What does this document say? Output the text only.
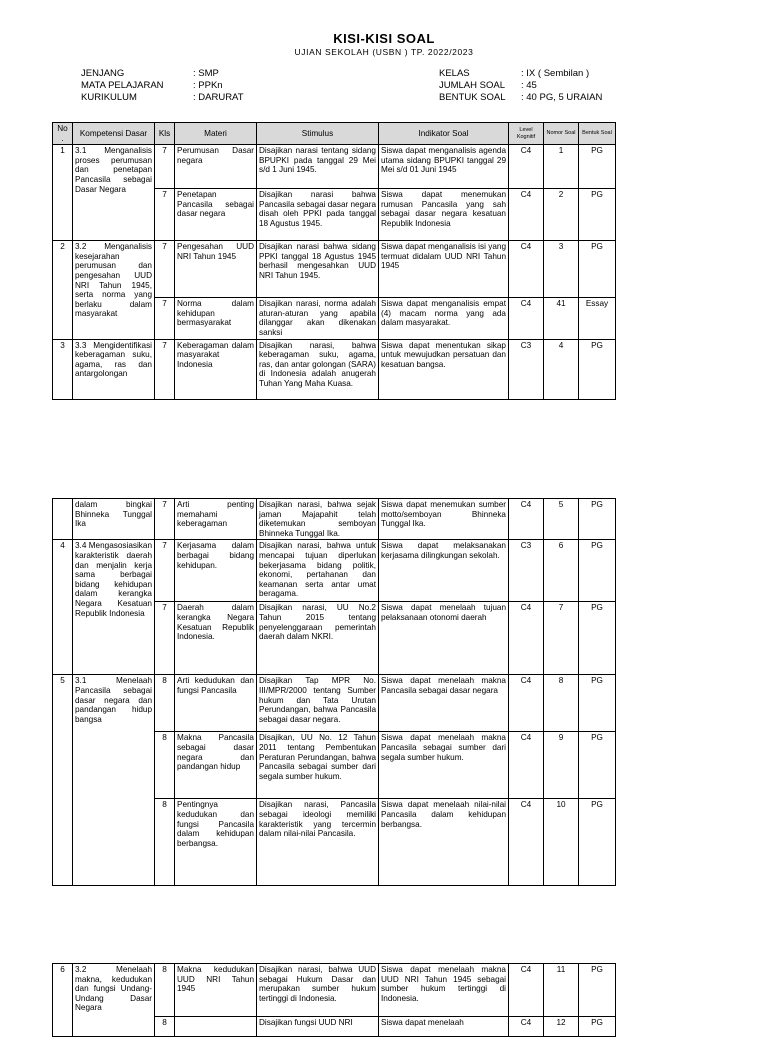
KISI-KISI SOAL
UJIAN SEKOLAH (USBN ) TP. 2022/2023
JENJANG	: SMP
MATA PELAJARAN	: PPKn
KURIKULUM	: DARURAT
KELAS	: IX ( Sembilan )
JUMLAH SOAL	: 45
BENTUK SOAL	: 40 PG, 5 URAIAN
No .	Kompetensi Dasar	Kls	Materi	Stimulus	Indikator Soal	Level Kognitif	Nomor Soal	Bentuk Soal
1	3.1 Menganalisis proses perumusan dan penetapan Pancasila sebagai Dasar Negara	7	Perumusan Dasar negara	Disajikan narasi tentang sidang BPUPKI pada tanggal 29 Mei s/d 1 Juni 1945.	Siswa dapat menganalisis agenda utama sidang BPUPKI tanggal 29 Mei s/d 01 Juni 1945	C4	1	PG
		7	Penetapan Pancasila sebagai dasar negara	Disajikan narasi bahwa Pancasila sebagai dasar negara disah oleh PPKI pada tanggal 18 Agustus 1945.	Siswa dapat menemukan rumusan Pancasila yang sah sebagai dasar negara kesatuan Republik Indonesia	C4	2	PG
2	3.2 Menganalisis kesejarahan perumusan dan pengesahan UUD NRI Tahun 1945, serta norma yang berlaku dalam masyarakat	7	Pengesahan UUD NRI Tahun 1945	Disajikan narasi bahwa sidang PPKI tanggal 18 Agustus 1945 berhasil mengesahkan UUD NRI Tahun 1945.	Siswa dapat menganalisis isi yang termuat didalam UUD NRI Tahun 1945	C4	3	PG
		7	Norma dalam kehidupan bermasyarakat	Disajikan narasi, norma adalah aturan-aturan yang apabila dilanggar akan dikenakan sanksi	Siswa dapat menganalisis empat (4) macam norma yang ada dalam masyarakat.	C4	41	Essay
3	3.3 Mengidentifikasi keberagaman suku, agama, ras dan antargolongan	7	Keberagaman dalam masyarakat Indonesia	Disajikan narasi, bahwa keberagaman suku, agama, ras, dan antar golongan (SARA) di Indonesia adalah anugerah Tuhan Yang Maha Kuasa.	Siswa dapat menentukan sikap untuk mewujudkan persatuan dan kesatuan bangsa.	C3	4	PG
	dalam bingkai Bhinneka Tunggal Ika	7	Arti penting memahami keberagaman	Disajikan narasi, bahwa sejak jaman Majapahit telah diketemukan semboyan Bhinneka Tunggal Ika.	Siswa dapat menemukan sumber motto/semboyan Bhinneka Tunggal Ika.	C4	5	PG
4	3.4 Mengasosiasikan karakteristik daerah dan menjalin kerja sama berbagai bidang kehidupan dalam kerangka Negara Kesatuan Republik Indonesia	7	Kerjasama dalam berbagai bidang kehidupan.	Disajikan narasi, bahwa untuk mencapai tujuan diperlukan bekerjasama bidang politik, ekonomi, pertahanan dan keamanan serta antar umat beragama.	Siswa dapat melaksanakan kerjasama dilingkungan sekolah.	C3	6	PG
		7	Daerah dalam kerangka Negara Kesatuan Republik Indonesia.	Disajikan narasi, UU No.2 Tahun 2015 tentang penyelenggaraan pemerintah daerah dalam NKRI.	Siswa dapat menelaah tujuan pelaksanaan otonomi daerah	C4	7	PG
5	3.1 Menelaah Pancasila sebagai dasar negara dan pandangan hidup bangsa	8	Arti kedudukan dan fungsi Pancasila	Disajikan Tap MPR No. III/MPR/2000 tentang Sumber hukum dan Tata Urutan Perundangan, bahwa Pancasila sebagai dasar negara.	Siswa dapat menelaah makna Pancasila sebagai dasar negara	C4	8	PG
		8	Makna Pancasila sebagai dasar negara dan pandangan hidup	Disajikan, UU No. 12 Tahun 2011 tentang Pembentukan Peraturan Perundangan, bahwa Pancasila sebagai sumber dari segala sumber hukum.	Siswa dapat menelaah makna Pancasila sebagai sumber dari segala sumber hukum.	C4	9	PG
		8	Pentingnya kedudukan dan fungsi Pancasila dalam kehidupan berbangsa.	Disajikan narasi, Pancasila sebagai ideologi memiliki karakteristik yang tercermin dalam nilai-nilai Pancasila.	Siswa dapat menelaah nilai-nilai Pancasila dalam kehidupan berbangsa.	C4	10	PG
6	3.2 Menelaah makna, kedudukan dan fungsi Undang-Undang Dasar Negara	8	Makna kedudukan UUD NRI Tahun 1945	Disajikan narasi, bahwa UUD sebagai Hukum Dasar dan merupakan sumber hukum tertinggi di Indonesia.	Siswa dapat menelaah makna UUD NRI Tahun 1945 sebagai sumber hukum tertinggi di Indonesia.	C4	11	PG
		8		Disajikan fungsi UUD NRI	Siswa dapat menelaah	C4	12	PG
